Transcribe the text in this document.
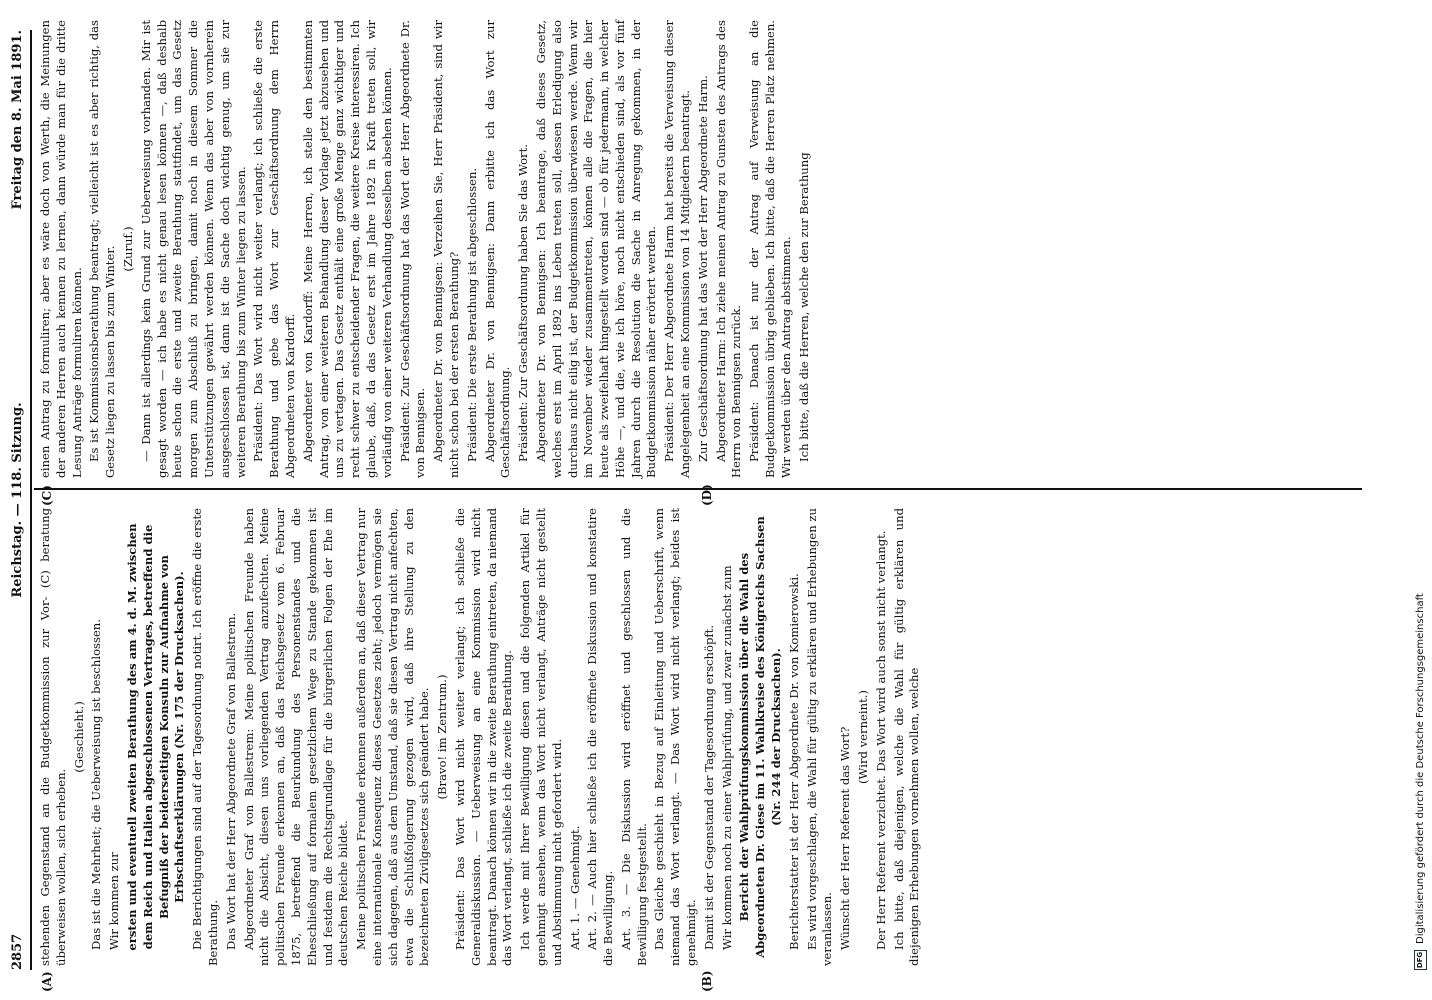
2857
Reichstag. — 118. Sitzung.
Freitag den 8. Mai 1891.
(A)	(B)
(C)	(D)

stehenden Gegenstand an die Budgetkommission zur Vor- (C) beratung überweisen wollen, sich erheben.

(Geschieht.) Das ist die Mehrheit; die Ueberweisung ist beschlossen. Wir kommen zur ersten und eventuell zweiten Berathung des am 4. d. M. zwischen dem Reich und Italien abgeschlossenen Vertrages, betreffend die Befugniß der beiderseitigen Konsuln zur Aufnahme von Erbschaftserklärungen (Nr. 175 der Drucksachen). Die Berichtigungen sind auf der Tagesordnung notirt. Ich eröffne die erste Berathung. Das Wort hat der Herr Abgeordnete Graf von Ballestrem. Abgeordneter Graf von Ballestrem: Meine politischen Freunde haben nicht die Absicht, diesen uns vorliegenden Vertrag anzufechten. Meine politischen Freunde erkennen an, daß das Reichsgesetz vom 6. Februar 1875, betreffend die Beurkundung des Personenstandes und die Eheschließung auf formalem gesetzlichem Wege zu Stande gekommen ist und festdem die Rechtsgrundlage für die bürgerlichen Folgen der Ehe im deutschen Reiche bildet. Meine politischen Freunde erkennen außerdem an, daß dieser Vertrag nur eine internationale Konsequenz dieses Gesetzes zieht; jedoch vermögen sie sich dagegen, daß aus dem Umstand, daß sie diesen Vertrag nicht anfechten, etwa die Schlußfolgerung gezogen wird, daß ihre Stellung zu den bezeichneten Zivilgesetzes sich geändert habe. (Bravo! im Zentrum.) Präsident: Das Wort wird nicht weiter verlangt; ich schließe die Generaldiskussion. — Ueberweisung an eine Kommission wird nicht beantragt. Danach können wir in die zweite Berathung eintreten, da niemand das Wort verlangt, schließe ich die zweite Berathung. Ich werde mit Ihrer Bewilligung diesen und die folgenden Artikel für genehmigt ansehen, wenn das Wort nicht verlangt, Anträge nicht gestellt und Abstimmung nicht gefordert wird. Art. 1. — Genehmigt. Art. 2. — Auch hier schließe ich die eröffnete Diskussion und konstatire die Bewilligung. Art. 3. — Die Diskussion wird eröffnet und geschlossen und die Bewilligung festgestellt. Das Gleiche geschieht in Bezug auf Einleitung und Ueberschrift, wenn niemand das Wort verlangt. — Das Wort wird nicht verlangt; beides ist genehmigt. Damit ist der Gegenstand der Tagesordnung erschöpft. Wir kommen noch zu einer Wahlprüfung, und zwar zunächst zum Bericht der Wahlprüfungskommission über die Wahl des Abgeordneten Dr. Giese im 11. Wahlkreise des Königreichs Sachsen (Nr. 244 der Drucksachen). Berichterstatter ist der Herr Abgeordnete Dr. von Komierowski. Es wird vorgeschlagen, die Wahl für gültig zu erklären und Erhebungen zu veranlassen. Wünscht der Herr Referent das Wort? (Wird verneint.) Der Herr Referent verzichtet. Das Wort wird auch sonst nicht verlangt. Ich bitte, daß diejenigen, welche die Wahl für gültig erklären und diejenigen Erhebungen vornehmen wollen, welche

einen Antrag zu formuliren; aber es wäre doch von Werth, die Meinungen der anderen Herren auch kennen zu lernen, dann würde man für die dritte Lesung Anträge formuliren können. Es ist Kommissionsberathung beantragt; vielleicht ist es aber richtig, das Gesetz liegen zu lassen bis zum Winter. (Zuruf.) — Dann ist allerdings kein Grund zur Ueberweisung vorhanden. Mir ist gesagt worden — ich habe es nicht genau lesen können —, daß deshalb heute schon die erste und zweite Berathung stattfindet, um das Gesetz morgen zum Abschluß zu bringen, damit noch in diesem Sommer die Unterstützungen gewährt werden können. Wenn das aber von vornherein ausgeschlossen ist, dann ist die Sache doch wichtig genug, um sie zur weiteren Berathung bis zum Winter liegen zu lassen. Präsident: Das Wort wird nicht weiter verlangt; ich schließe die erste Berathung und gebe das Wort zur Geschäftsordnung dem Herrn Abgeordneten von Kardorff. Abgeordneter von Kardorff: Meine Herren, ich stelle den bestimmten Antrag, von einer weiteren Behandlung dieser Vorlage jetzt abzusehen und uns zu vertagen. Das Gesetz enthält eine große Menge ganz wichtiger und recht schwer zu entscheidender Fragen, die weitere Kreise interessiren. Ich glaube, daß, da das Gesetz erst im Jahre 1892 in Kraft treten soll, wir vorläufig von einer weiteren Verhandlung desselben absehen können. Präsident: Zur Geschäftsordnung hat das Wort der Herr Abgeordnete Dr. von Bennigsen. Abgeordneter Dr. von Bennigsen: Verzeihen Sie, Herr Präsident, sind wir nicht schon bei der ersten Berathung? Präsident: Die erste Berathung ist abgeschlossen. Abgeordneter Dr. von Bennigsen: Dann erbitte ich das Wort zur Geschäftsordnung. Präsident: Zur Geschäftsordnung haben Sie das Wort. Abgeordneter Dr. von Bennigsen: Ich beantrage, daß dieses Gesetz, welches erst im April 1892 ins Leben treten soll, dessen Erledigung also durchaus nicht eilig ist, der Budgetkommission überwiesen werde. Wenn wir im November wieder zusammentreten, können alle die Fragen, die hier heute als zweifelhaft hingestellt worden sind — ob für jedermann, in welcher Höhe —, und die, wie ich höre, noch nicht entschieden sind, als vor fünf Jahren durch die Resolution die Sache in Anregung gekommen, in der Budgetkommission näher erörtert werden. Präsident: Der Herr Abgeordnete Harm hat bereits die Verweisung dieser Angelegenheit an eine Kommission von 14 Mitgliedern beantragt. Zur Geschäftsordnung hat das Wort der Herr Abgeordnete Harm. Abgeordneter Harm: Ich ziehe meinen Antrag zu Gunsten des Antrags des Herrn von Bennigsen zurück. Präsident: Danach ist nur der Antrag auf Verweisung an die Budgetkommission übrig geblieben. Ich bitte, daß die Herren Platz nehmen. Wir werden über den Antrag abstimmen. Ich bitte, daß die Herren, welche den zur Berathung

DFG
Digitalisierung gefördert durch die Deutsche Forschungsgemeinschaft
